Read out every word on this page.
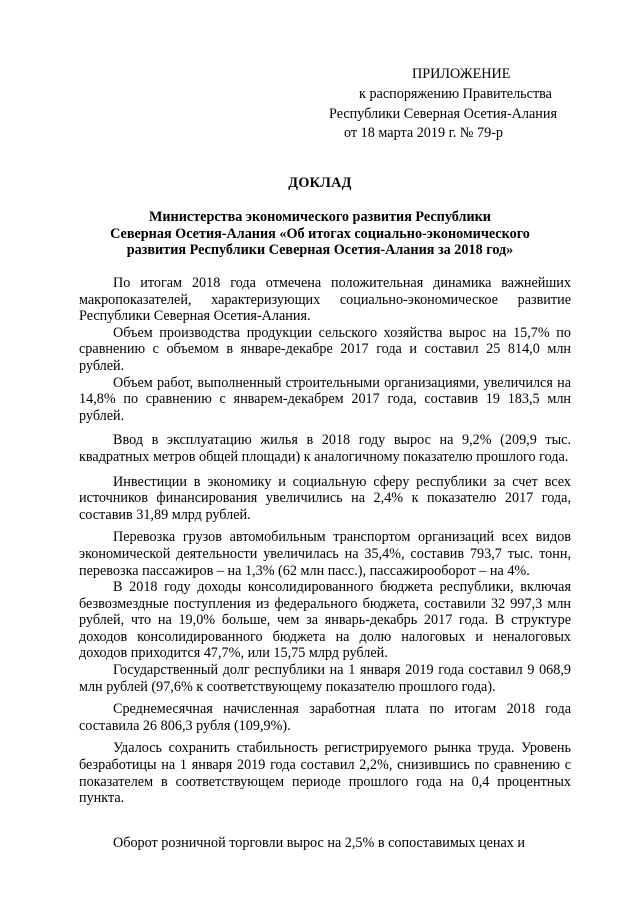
ПРИЛОЖЕНИЕ
к распоряжению Правительства
Республики Северная Осетия-Алания
от 18 марта 2019 г. № 79-р
ДОКЛАД
Министерства экономического развития Республики
Северная Осетия-Алания «Об итогах социально-экономического
развития Республики Северная Осетия-Алания за 2018 год»

По итогам 2018 года отмечена положительная динамика важнейших макропоказателей, характеризующих социально-экономическое развитие Республики Северная Осетия-Алания.

Объем производства продукции сельского хозяйства вырос на 15,7% по сравнению с объемом в январе-декабре 2017 года и составил 25 814,0 млн рублей.

Объем работ, выполненный строительными организациями, увеличился на 14,8% по сравнению с январем-декабрем 2017 года, составив 19 183,5 млн рублей.

Ввод в эксплуатацию жилья в 2018 году вырос на 9,2% (209,9 тыс. квадратных метров общей площади) к аналогичному показателю прошлого года.

Инвестиции в экономику и социальную сферу республики за счет всех источников финансирования увеличились на 2,4% к показателю 2017 года, составив 31,89 млрд рублей.

Перевозка грузов автомобильным транспортом организаций всех видов экономической деятельности увеличилась на 35,4%, составив 793,7 тыс. тонн, перевозка пассажиров – на 1,3% (62 млн пасс.), пассажирооборот – на 4%.

В 2018 году доходы консолидированного бюджета республики, включая безвозмездные поступления из федерального бюджета, составили 32 997,3 млн рублей, что на 19,0% больше, чем за январь-декабрь 2017 года. В структуре доходов консолидированного бюджета на долю налоговых и неналоговых доходов приходится 47,7%, или 15,75 млрд рублей.

Государственный долг республики на 1 января 2019 года составил 9 068,9 млн рублей (97,6% к соответствующему показателю прошлого года).

Среднемесячная начисленная заработная плата по итогам 2018 года составила 26 806,3 рубля (109,9%).

Удалось сохранить стабильность регистрируемого рынка труда. Уровень безработицы на 1 января 2019 года составил 2,2%, снизившись по сравнению с показателем в соответствующем периоде прошлого года на 0,4 процентных пункта.

Оборот розничной торговли вырос на 2,5% в сопоставимых ценах и
